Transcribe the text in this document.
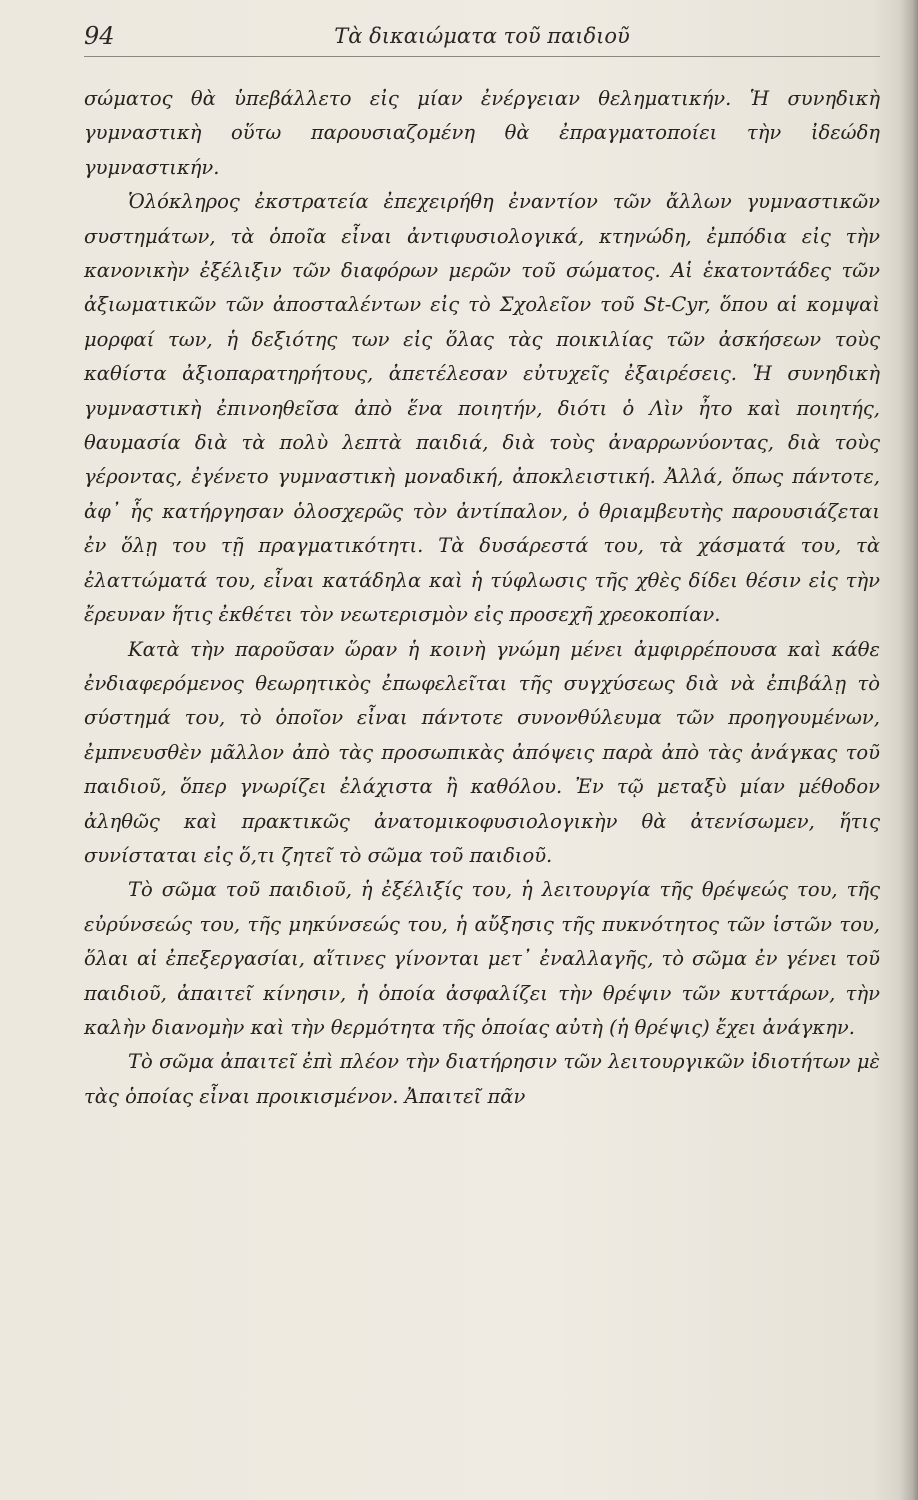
94	Τὰ δικαιώματα τοῦ παιδιοῦ

σώματος θὰ ὑπεβάλλετο εἰς μίαν ἐνέργειαν θεληματικήν. Ἡ συνηδικὴ γυμναστικὴ οὕτω παρουσιαζομένη θὰ ἐπραγματοποίει τὴν ἰδεώδη γυμναστικήν.

Ὁλόκληρος ἐκστρατεία ἐπεχειρήθη ἐναντίον τῶν ἄλλων γυμναστικῶν συστημάτων, τὰ ὁποῖα εἶναι ἀντιφυσιολογικά, κτηνώδη, ἐμπόδια εἰς τὴν κανονικὴν ἐξέλιξιν τῶν διαφόρων μερῶν τοῦ σώματος. Αἱ ἑκατοντάδες τῶν ἀξιωματικῶν τῶν ἀποσταλέντων εἰς τὸ Σχολεῖον τοῦ St-Cyr, ὅπου αἱ κομψαὶ μορφαί των, ἡ δεξιότης των εἰς ὅλας τὰς ποικιλίας τῶν ἀσκήσεων τοὺς καθίστα ἀξιοπαρατηρήτους, ἀπετέλεσαν εὐτυχεῖς ἐξαιρέσεις. Ἡ συνηδικὴ γυμναστικὴ ἐπινοηθεῖσα ἀπὸ ἕνα ποιητήν, διότι ὁ Λὶν ἦτο καὶ ποιητής, θαυμασία διὰ τὰ πολὺ λεπτὰ παιδιά, διὰ τοὺς ἀναρρωνύοντας, διὰ τοὺς γέροντας, ἐγένετο γυμναστικὴ μοναδική, ἀποκλειστική. Ἀλλά, ὅπως πάντοτε, ἀφ᾽ ἧς κατήργησαν ὁλοσχερῶς τὸν ἀντίπαλον, ὁ θριαμβευτὴς παρουσιάζεται ἐν ὅλῃ του τῇ πραγματικότητι. Τὰ δυσάρεστά του, τὰ χάσματά του, τὰ ἐλαττώματά του, εἶναι κατάδηλα καὶ ἡ τύφλωσις τῆς χθὲς δίδει θέσιν εἰς τὴν ἔρευναν ἥτις ἐκθέτει τὸν νεωτερισμὸν εἰς προσεχῆ χρεοκοπίαν.

Κατὰ τὴν παροῦσαν ὥραν ἡ κοινὴ γνώμη μένει ἀμφιρρέπουσα καὶ κάθε ἐνδιαφερόμενος θεωρητικὸς ἐπωφελεῖται τῆς συγχύσεως διὰ νὰ ἐπιβάλῃ τὸ σύστημά του, τὸ ὁποῖον εἶναι πάντοτε συνονθύλευμα τῶν προηγουμένων, ἐμπνευσθὲν μᾶλλον ἀπὸ τὰς προσωπικὰς ἀπόψεις παρὰ ἀπὸ τὰς ἀνάγκας τοῦ παιδιοῦ, ὅπερ γνωρίζει ἐλάχιστα ἢ καθόλου. Ἐν τῷ μεταξὺ μίαν μέθοδον ἀληθῶς καὶ πρακτικῶς ἀνατομικοφυσιολογικὴν θὰ ἀτενίσωμεν, ἥτις συνίσταται εἰς ὅ,τι ζητεῖ τὸ σῶμα τοῦ παιδιοῦ.

Τὸ σῶμα τοῦ παιδιοῦ, ἡ ἐξέλιξίς του, ἡ λειτουργία τῆς θρέψεώς του, τῆς εὐρύνσεώς του, τῆς μηκύνσεώς του, ἡ αὔξησις τῆς πυκνότητος τῶν ἱστῶν του, ὅλαι αἱ ἐπεξεργασίαι, αἵτινες γίνονται μετ᾽ ἐναλλαγῆς, τὸ σῶμα ἐν γένει τοῦ παιδιοῦ, ἀπαιτεῖ κίνησιν, ἡ ὁποία ἀσφαλίζει τὴν θρέψιν τῶν κυττάρων, τὴν καλὴν διανομὴν καὶ τὴν θερμότητα τῆς ὁποίας αὐτὴ (ἡ θρέψις) ἔχει ἀνάγκην.

Τὸ σῶμα ἀπαιτεῖ ἐπὶ πλέον τὴν διατήρησιν τῶν λειτουργικῶν ἰδιοτήτων μὲ τὰς ὁποίας εἶναι προικισμένον. Ἀπαιτεῖ πᾶν
